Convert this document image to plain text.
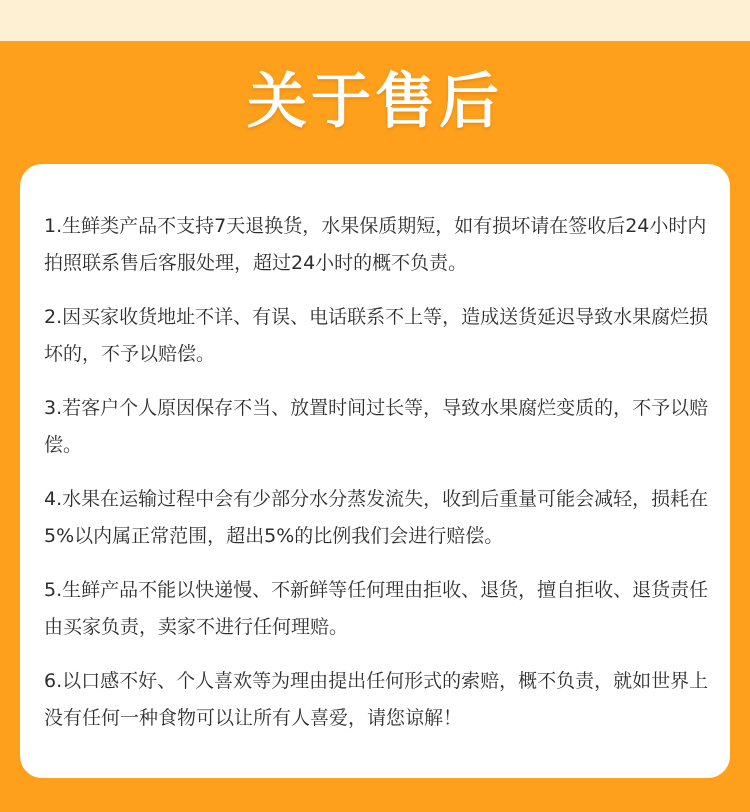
关于售后

1.生鲜类产品不支持7天退换货，水果保质期短，如有损坏请在签收后24小时内拍照联系售后客服处理，超过24小时的概不负责。

2.因买家收货地址不详、有误、电话联系不上等，造成送货延迟导致水果腐烂损坏的，不予以赔偿。

3.若客户个人原因保存不当、放置时间过长等，导致水果腐烂变质的，不予以赔偿。

4.水果在运输过程中会有少部分水分蒸发流失，收到后重量可能会减轻，损耗在5%以内属正常范围，超出5%的比例我们会进行赔偿。

5.生鲜产品不能以快递慢、不新鲜等任何理由拒收、退货，擅自拒收、退货责任由买家负责，卖家不进行任何理赔。

6.以口感不好、个人喜欢等为理由提出任何形式的索赔，概不负责，就如世界上没有任何一种食物可以让所有人喜爱，请您谅解！
